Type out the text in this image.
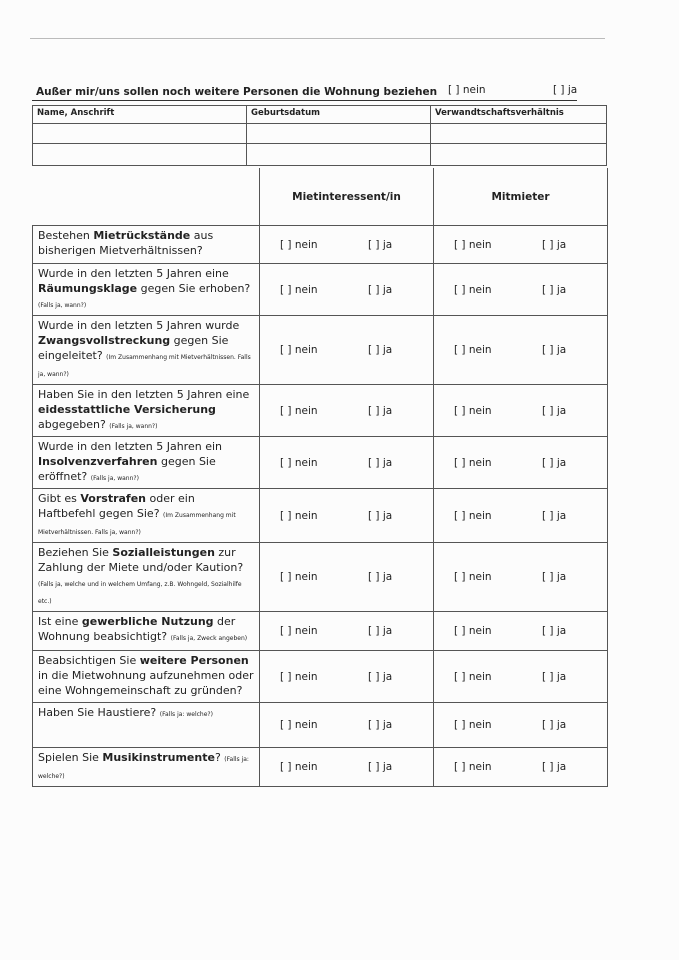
Außer mir/uns sollen noch weitere Personen die Wohnung beziehen [ ] nein	[ ] ja
Name, Anschrift	Geburtsdatum	Verwandtschaftsverhältnis

	Mietinteressent/in	Mitmieter
Bestehen Mietrückstände aus bisherigen Mietverhältnissen?	[ ] nein [ ] ja	[ ] nein [ ] ja
Wurde in den letzten 5 Jahren eine Räumungsklage gegen Sie erhoben? (Falls ja, wann?)	[ ] nein [ ] ja	[ ] nein [ ] ja
Wurde in den letzten 5 Jahren wurde Zwangsvollstreckung gegen Sie eingeleitet? (Im Zusammenhang mit Mietverhältnissen. Falls ja, wann?)	[ ] nein [ ] ja	[ ] nein [ ] ja
Haben Sie in den letzten 5 Jahren eine eidesstattliche Versicherung abgegeben? (Falls ja, wann?)	[ ] nein [ ] ja	[ ] nein [ ] ja
Wurde in den letzten 5 Jahren ein Insolvenzverfahren gegen Sie eröffnet? (Falls ja, wann?)	[ ] nein [ ] ja	[ ] nein [ ] ja
Gibt es Vorstrafen oder ein Haftbefehl gegen Sie? (Im Zusammenhang mit Mietverhältnissen. Falls ja, wann?)	[ ] nein [ ] ja	[ ] nein [ ] ja
Beziehen Sie Sozialleistungen zur Zahlung der Miete und/oder Kaution? (Falls ja, welche und in welchem Umfang, z.B. Wohngeld, Sozialhilfe etc.)	[ ] nein [ ] ja	[ ] nein [ ] ja
Ist eine gewerbliche Nutzung der Wohnung beabsichtigt? (Falls ja, Zweck angeben)	[ ] nein [ ] ja	[ ] nein [ ] ja
Beabsichtigen Sie weitere Personen in die Mietwohnung aufzunehmen oder eine Wohngemeinschaft zu gründen?	[ ] nein [ ] ja	[ ] nein [ ] ja
Haben Sie Haustiere? (Falls ja: welche?)	[ ] nein [ ] ja	[ ] nein [ ] ja
Spielen Sie Musikinstrumente? (Falls ja: welche?)	[ ] nein [ ] ja	[ ] nein [ ] ja
